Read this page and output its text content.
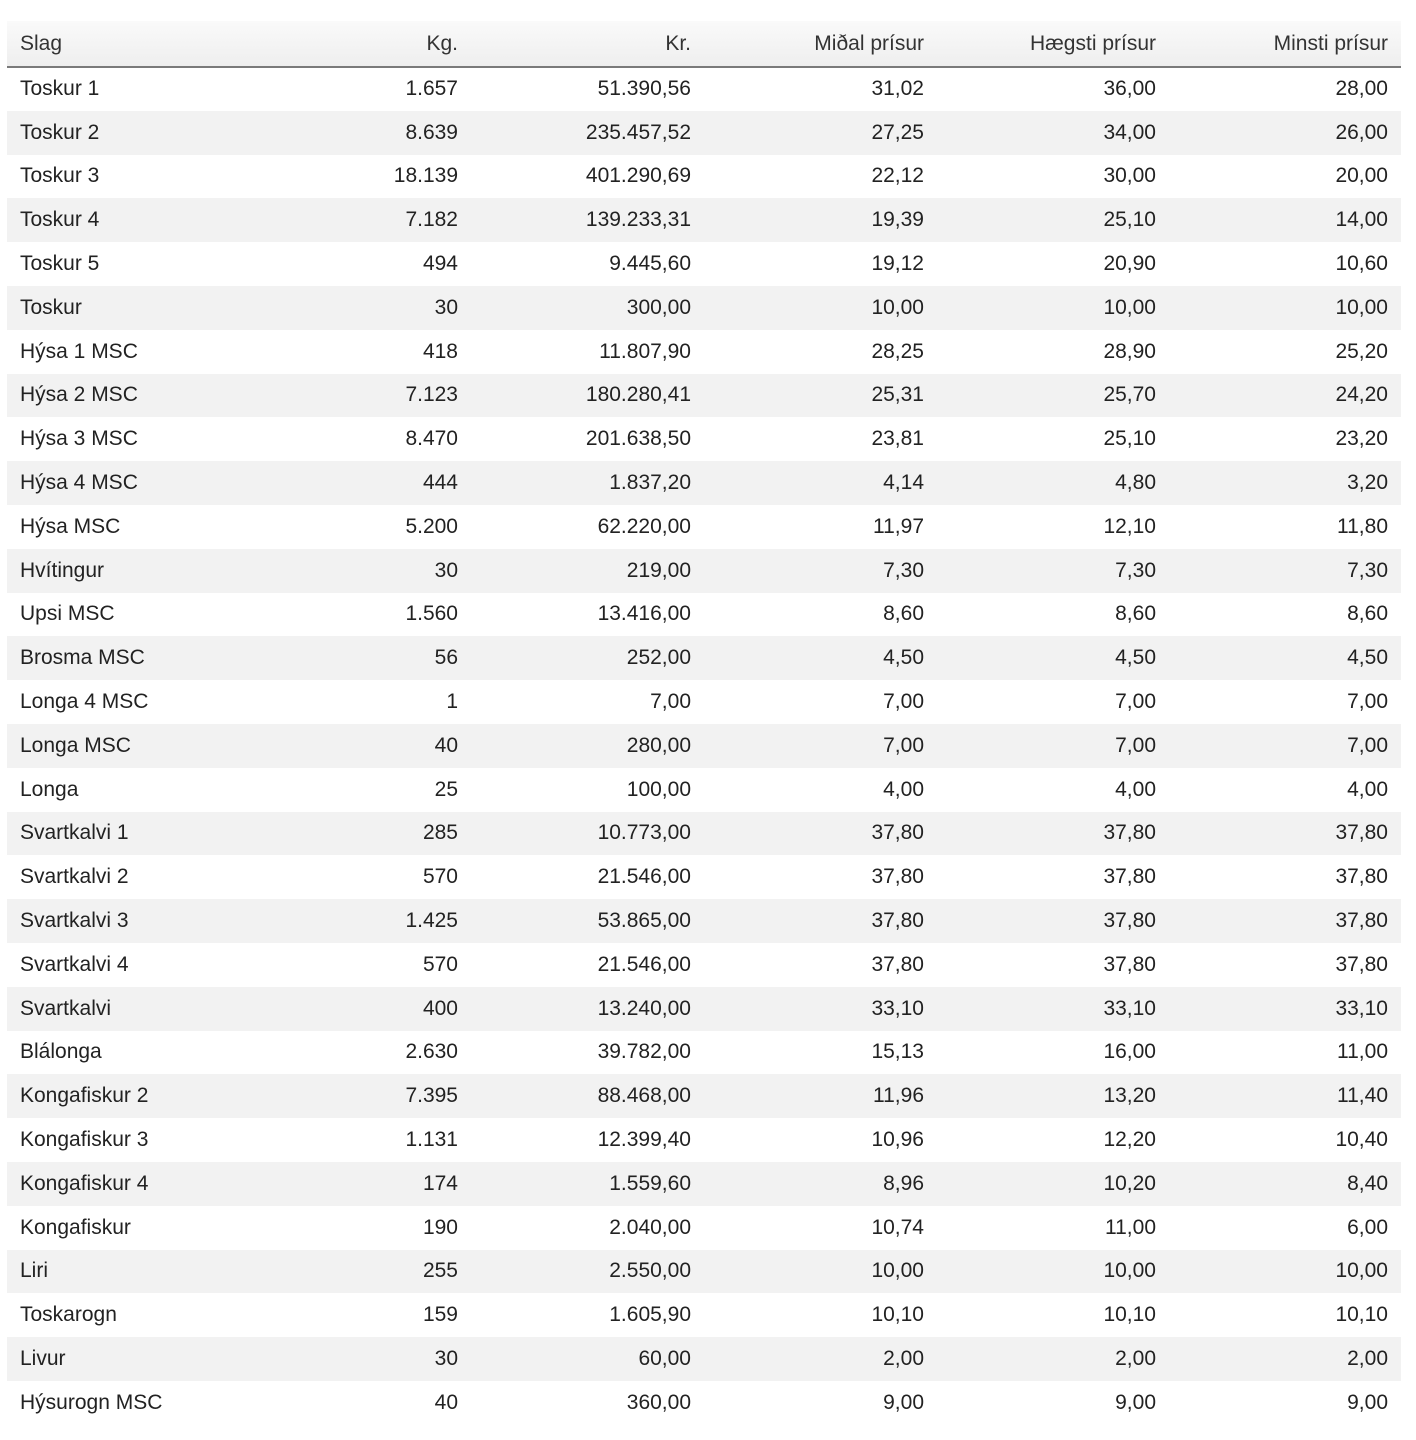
Slag	Kg.	Kr.	Miðal prísur	Hægsti prísur	Minsti prísur
Toskur 1	1.657	51.390,56	31,02	36,00	28,00
Toskur 2	8.639	235.457,52	27,25	34,00	26,00
Toskur 3	18.139	401.290,69	22,12	30,00	20,00
Toskur 4	7.182	139.233,31	19,39	25,10	14,00
Toskur 5	494	9.445,60	19,12	20,90	10,60
Toskur	30	300,00	10,00	10,00	10,00
Hýsa 1 MSC	418	11.807,90	28,25	28,90	25,20
Hýsa 2 MSC	7.123	180.280,41	25,31	25,70	24,20
Hýsa 3 MSC	8.470	201.638,50	23,81	25,10	23,20
Hýsa 4 MSC	444	1.837,20	4,14	4,80	3,20
Hýsa MSC	5.200	62.220,00	11,97	12,10	11,80
Hvítingur	30	219,00	7,30	7,30	7,30
Upsi MSC	1.560	13.416,00	8,60	8,60	8,60
Brosma MSC	56	252,00	4,50	4,50	4,50
Longa 4 MSC	1	7,00	7,00	7,00	7,00
Longa MSC	40	280,00	7,00	7,00	7,00
Longa	25	100,00	4,00	4,00	4,00
Svartkalvi 1	285	10.773,00	37,80	37,80	37,80
Svartkalvi 2	570	21.546,00	37,80	37,80	37,80
Svartkalvi 3	1.425	53.865,00	37,80	37,80	37,80
Svartkalvi 4	570	21.546,00	37,80	37,80	37,80
Svartkalvi	400	13.240,00	33,10	33,10	33,10
Blálonga	2.630	39.782,00	15,13	16,00	11,00
Kongafiskur 2	7.395	88.468,00	11,96	13,20	11,40
Kongafiskur 3	1.131	12.399,40	10,96	12,20	10,40
Kongafiskur 4	174	1.559,60	8,96	10,20	8,40
Kongafiskur	190	2.040,00	10,74	11,00	6,00
Liri	255	2.550,00	10,00	10,00	10,00
Toskarogn	159	1.605,90	10,10	10,10	10,10
Livur	30	60,00	2,00	2,00	2,00
Hýsurogn MSC	40	360,00	9,00	9,00	9,00
